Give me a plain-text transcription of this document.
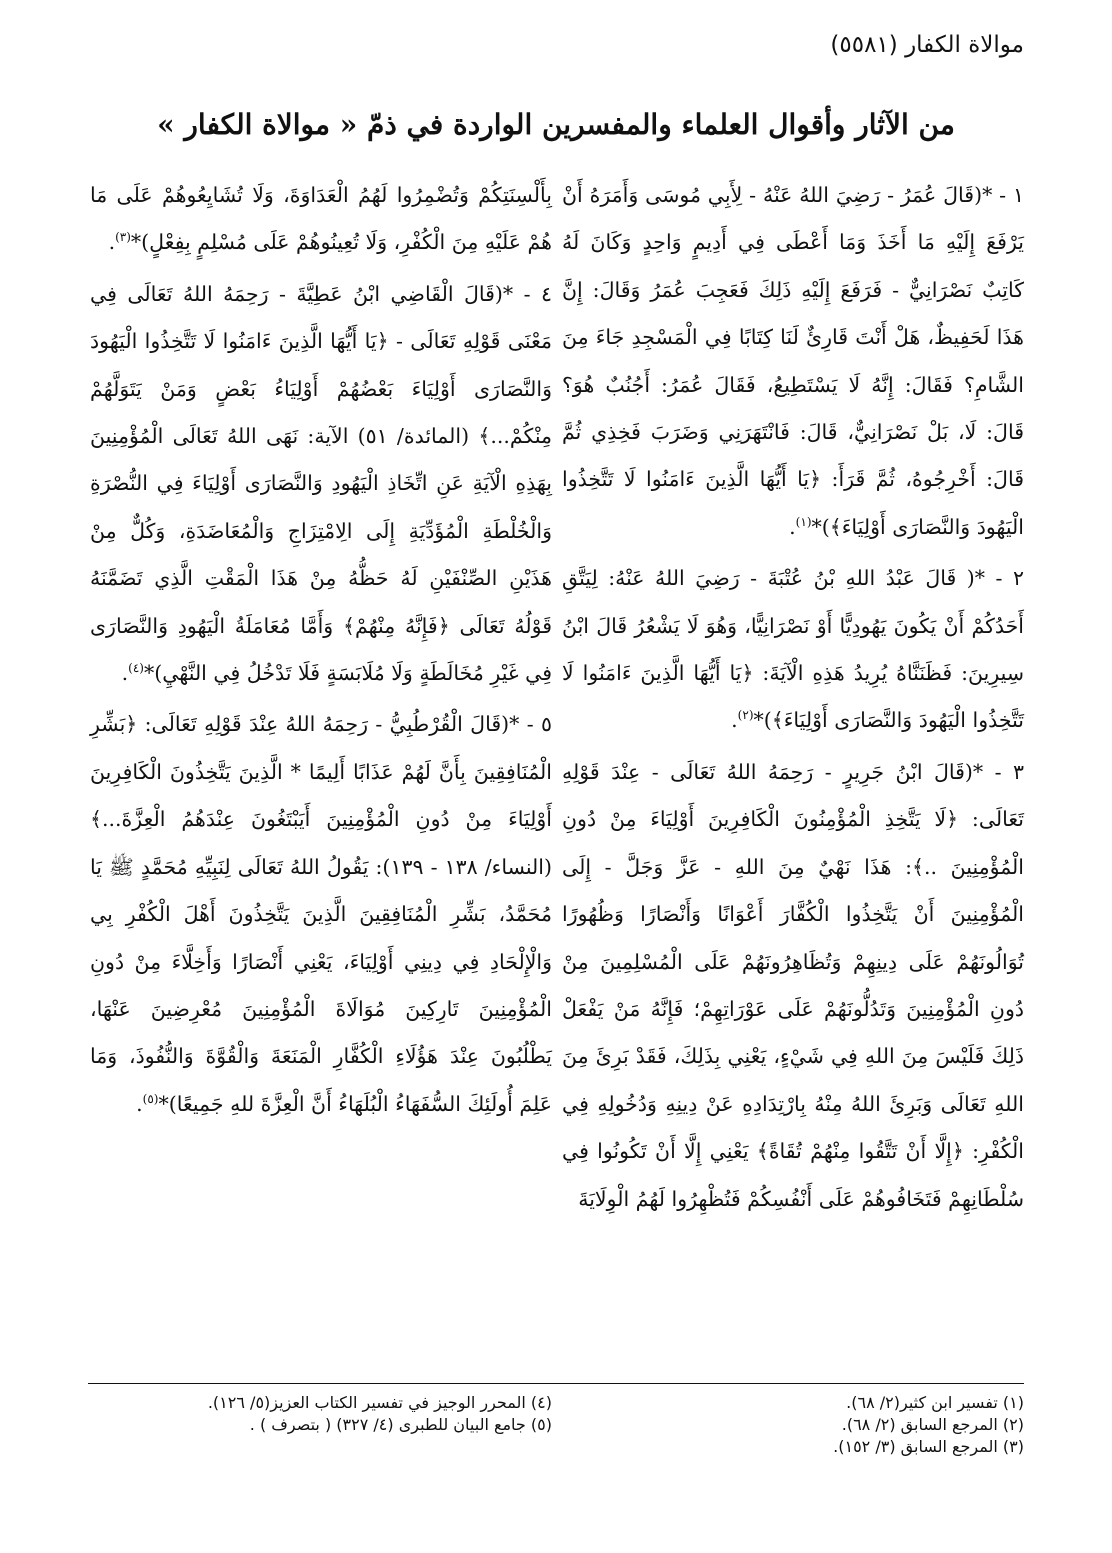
موالاة الكفار (٥٥٨١)
من الآثار وأقوال العلماء والمفسرين الواردة في ذمّ « موالاة الكفار »

١ - *(قَالَ عُمَرُ - رَضِيَ اللهُ عَنْهُ - لِأَبِي مُوسَى وَأَمَرَهُ أَنْ يَرْفَعَ إِلَيْهِ مَا أَخَذَ وَمَا أَعْطَى فِي أَدِيمٍ وَاحِدٍ وَكَانَ لَهُ كَاتِبٌ نَصْرَانِيٌّ - فَرَفَعَ إِلَيْهِ ذَلِكَ فَعَجِبَ عُمَرُ وَقَالَ: إِنَّ هَذَا لَحَفِيظٌ، هَلْ أَنْتَ قَارِئٌ لَنَا كِتَابًا فِي الْمَسْجِدِ جَاءَ مِنَ الشَّامِ؟ فَقَالَ: إِنَّهُ لَا يَسْتَطِيعُ، فَقَالَ عُمَرُ: أَجُنُبٌ هُوَ؟ قَالَ: لَا، بَلْ نَصْرَانِيٌّ، قَالَ: فَانْتَهَرَنِي وَضَرَبَ فَخِذِي ثُمَّ قَالَ: أَخْرِجُوهُ، ثُمَّ قَرَأَ: ﴿يَا أَيُّهَا الَّذِينَ ءَامَنُوا لَا تَتَّخِذُوا الْيَهُودَ وَالنَّصَارَى أَوْلِيَاءَ﴾)*$^{(١)}$.

٢ - *( قَالَ عَبْدُ اللهِ بْنُ عُتْبَةَ - رَضِيَ اللهُ عَنْهُ: لِيَتَّقِ أَحَدُكُمْ أَنْ يَكُونَ يَهُودِيًّا أَوْ نَصْرَانِيًّا، وَهُوَ لَا يَشْعُرُ قَالَ ابْنُ سِيرِينَ: فَظَنَنَّاهُ يُرِيدُ هَذِهِ الْآيَةَ: ﴿يَا أَيُّهَا الَّذِينَ ءَامَنُوا لَا تَتَّخِذُوا الْيَهُودَ وَالنَّصَارَى أَوْلِيَاءَ﴾)*$^{(٢)}$.

٣ - *(قَالَ ابْنُ جَرِيرٍ - رَحِمَهُ اللهُ تَعَالَى - عِنْدَ قَوْلِهِ تَعَالَى: ﴿لَا يَتَّخِذِ الْمُؤْمِنُونَ الْكَافِرِينَ أَوْلِيَاءَ مِنْ دُونِ الْمُؤْمِنِينَ ..﴾: هَذَا نَهْيٌ مِنَ اللهِ - عَزَّ وَجَلَّ - إِلَى الْمُؤْمِنِينَ أَنْ يَتَّخِذُوا الْكُفَّارَ أَعْوَانًا وَأَنْصَارًا وَظُهُورًا تُوَالُونَهُمْ عَلَى دِينِهِمْ وَتُظَاهِرُونَهُمْ عَلَى الْمُسْلِمِينَ مِنْ دُونِ الْمُؤْمِنِينَ وَتَدُلُّونَهُمْ عَلَى عَوْرَاتِهِمْ؛ فَإِنَّهُ مَنْ يَفْعَلْ ذَلِكَ فَلَيْسَ مِنَ اللهِ فِي شَيْءٍ، يَعْنِي بِذَلِكَ، فَقَدْ بَرِئَ مِنَ اللهِ تَعَالَى وَبَرِئَ اللهُ مِنْهُ بِارْتِدَادِهِ عَنْ دِينِهِ وَدُخُولِهِ فِي الْكُفْرِ: ﴿إِلَّا أَنْ تَتَّقُوا مِنْهُمْ تُقَاةً﴾ يَعْنِي إِلَّا أَنْ تَكُونُوا فِي سُلْطَانِهِمْ فَتَخَافُوهُمْ عَلَى أَنْفُسِكُمْ فَتُظْهِرُوا لَهُمُ الْوِلَايَةَ

بِأَلْسِنَتِكُمْ وَتُضْمِرُوا لَهُمُ الْعَدَاوَةَ، وَلَا تُشَايِعُوهُمْ عَلَى مَا هُمْ عَلَيْهِ مِنَ الْكُفْرِ، وَلَا تُعِينُوهُمْ عَلَى مُسْلِمٍ بِفِعْلٍ)*$^{(٣)}$.

٤ - *(قَالَ الْقَاضِي ابْنُ عَطِيَّةَ - رَحِمَهُ اللهُ تَعَالَى فِي مَعْنَى قَوْلِهِ تَعَالَى - ﴿يَا أَيُّهَا الَّذِينَ ءَامَنُوا لَا تَتَّخِذُوا الْيَهُودَ وَالنَّصَارَى أَوْلِيَاءَ بَعْضُهُمْ أَوْلِيَاءُ بَعْضٍ وَمَنْ يَتَوَلَّهُمْ مِنْكُمْ...﴾ (المائدة/ ٥١) الآية: نَهَى اللهُ تَعَالَى الْمُؤْمِنِينَ بِهَذِهِ الْآيَةِ عَنِ اتِّخَاذِ الْيَهُودِ وَالنَّصَارَى أَوْلِيَاءَ فِي النُّصْرَةِ وَالْخُلْطَةِ الْمُؤَدِّيَةِ إِلَى الِامْتِزَاجِ وَالْمُعَاضَدَةِ، وَكُلٌّ مِنْ هَذَيْنِ الصِّنْفَيْنِ لَهُ حَظُّهُ مِنْ هَذَا الْمَقْتِ الَّذِي تَضَمَّنَهُ قَوْلُهُ تَعَالَى ﴿فَإِنَّهُ مِنْهُمْ﴾ وَأَمَّا مُعَامَلَةُ الْيَهُودِ وَالنَّصَارَى فِي غَيْرِ مُخَالَطَةٍ وَلَا مُلَابَسَةٍ فَلَا تَدْخُلُ فِي النَّهْيِ)*$^{(٤)}$.

٥ - *(قَالَ الْقُرْطُبِيُّ - رَحِمَهُ اللهُ عِنْدَ قَوْلِهِ تَعَالَى: ﴿بَشِّرِ الْمُنَافِقِينَ بِأَنَّ لَهُمْ عَذَابًا أَلِيمًا * الَّذِينَ يَتَّخِذُونَ الْكَافِرِينَ أَوْلِيَاءَ مِنْ دُونِ الْمُؤْمِنِينَ أَيَبْتَغُونَ عِنْدَهُمُ الْعِزَّةَ...﴾ (النساء/ ١٣٨ - ١٣٩): يَقُولُ اللهُ تَعَالَى لِنَبِيِّهِ مُحَمَّدٍ ﷺ يَا مُحَمَّدُ، بَشِّرِ الْمُنَافِقِينَ الَّذِينَ يَتَّخِذُونَ أَهْلَ الْكُفْرِ بِي وَالْإِلْحَادِ فِي دِينِي أَوْلِيَاءَ، يَعْنِي أَنْصَارًا وَأَخِلَّاءَ مِنْ دُونِ الْمُؤْمِنِينَ تَارِكِينَ مُوَالَاةَ الْمُؤْمِنِينَ مُعْرِضِينَ عَنْهَا، يَطْلُبُونَ عِنْدَ هَؤُلَاءِ الْكُفَّارِ الْمَنَعَةَ وَالْقُوَّةَ وَالنُّفُوذَ، وَمَا عَلِمَ أُولَئِكَ السُّفَهَاءُ الْبُلَهَاءُ أَنَّ الْعِزَّةَ للهِ جَمِيعًا)*$^{(٥)}$.

(١) تفسير ابن كثير(٢/ ٦٨).
(٢) المرجع السابق (٢/ ٦٨).
(٣) المرجع السابق (٣/ ١٥٢).
(٤) المحرر الوجيز في تفسير الكتاب العزيز(٥/ ١٢٦).
(٥) جامع البيان للطبرى (٤/ ٣٢٧) ( بتصرف ) .
